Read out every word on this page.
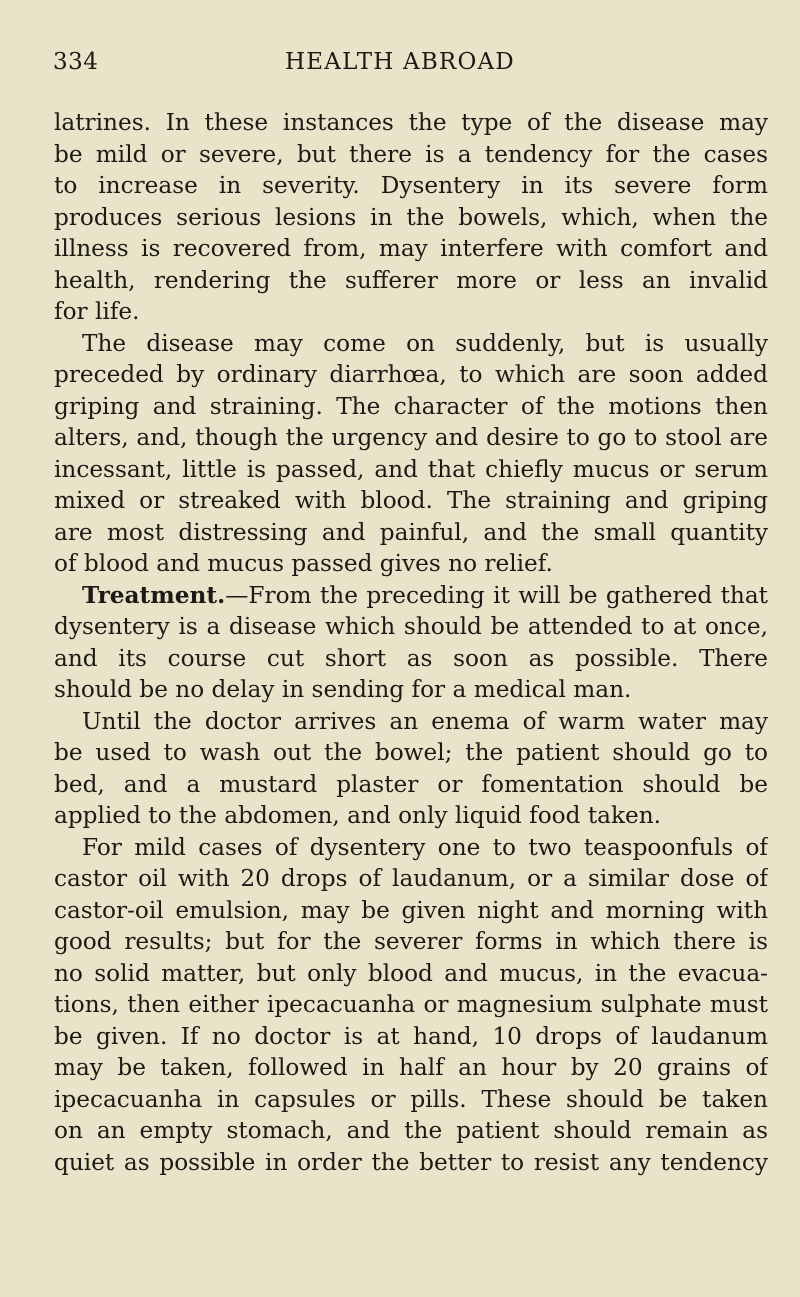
334	HEALTH ABROAD
latrines. In these instances the type of the disease may
be mild or severe, but there is a tendency for the cases
to increase in severity. Dysentery in its severe form
produces serious lesions in the bowels, which, when the
illness is recovered from, may interfere with comfort and
health, rendering the sufferer more or less an invalid
for life.
The disease may come on suddenly, but is usually
preceded by ordinary diarrhœa, to which are soon added
griping and straining. The character of the motions then
alters, and, though the urgency and desire to go to stool are
incessant, little is passed, and that chiefly mucus or serum
mixed or streaked with blood. The straining and griping
are most distressing and painful, and the small quantity
of blood and mucus passed gives no relief.
Treatment.—From the preceding it will be gathered that
dysentery is a disease which should be attended to at once,
and its course cut short as soon as possible. There
should be no delay in sending for a medical man.
Until the doctor arrives an enema of warm water may
be used to wash out the bowel; the patient should go to
bed, and a mustard plaster or fomentation should be
applied to the abdomen, and only liquid food taken.
For mild cases of dysentery one to two teaspoonfuls of
castor oil with 20 drops of laudanum, or a similar dose of
castor-oil emulsion, may be given night and morning with
good results; but for the severer forms in which there is
no solid matter, but only blood and mucus, in the evacua-
tions, then either ipecacuanha or magnesium sulphate must
be given. If no doctor is at hand, 10 drops of laudanum
may be taken, followed in half an hour by 20 grains of
ipecacuanha in capsules or pills. These should be taken
on an empty stomach, and the patient should remain as
quiet as possible in order the better to resist any tendency
